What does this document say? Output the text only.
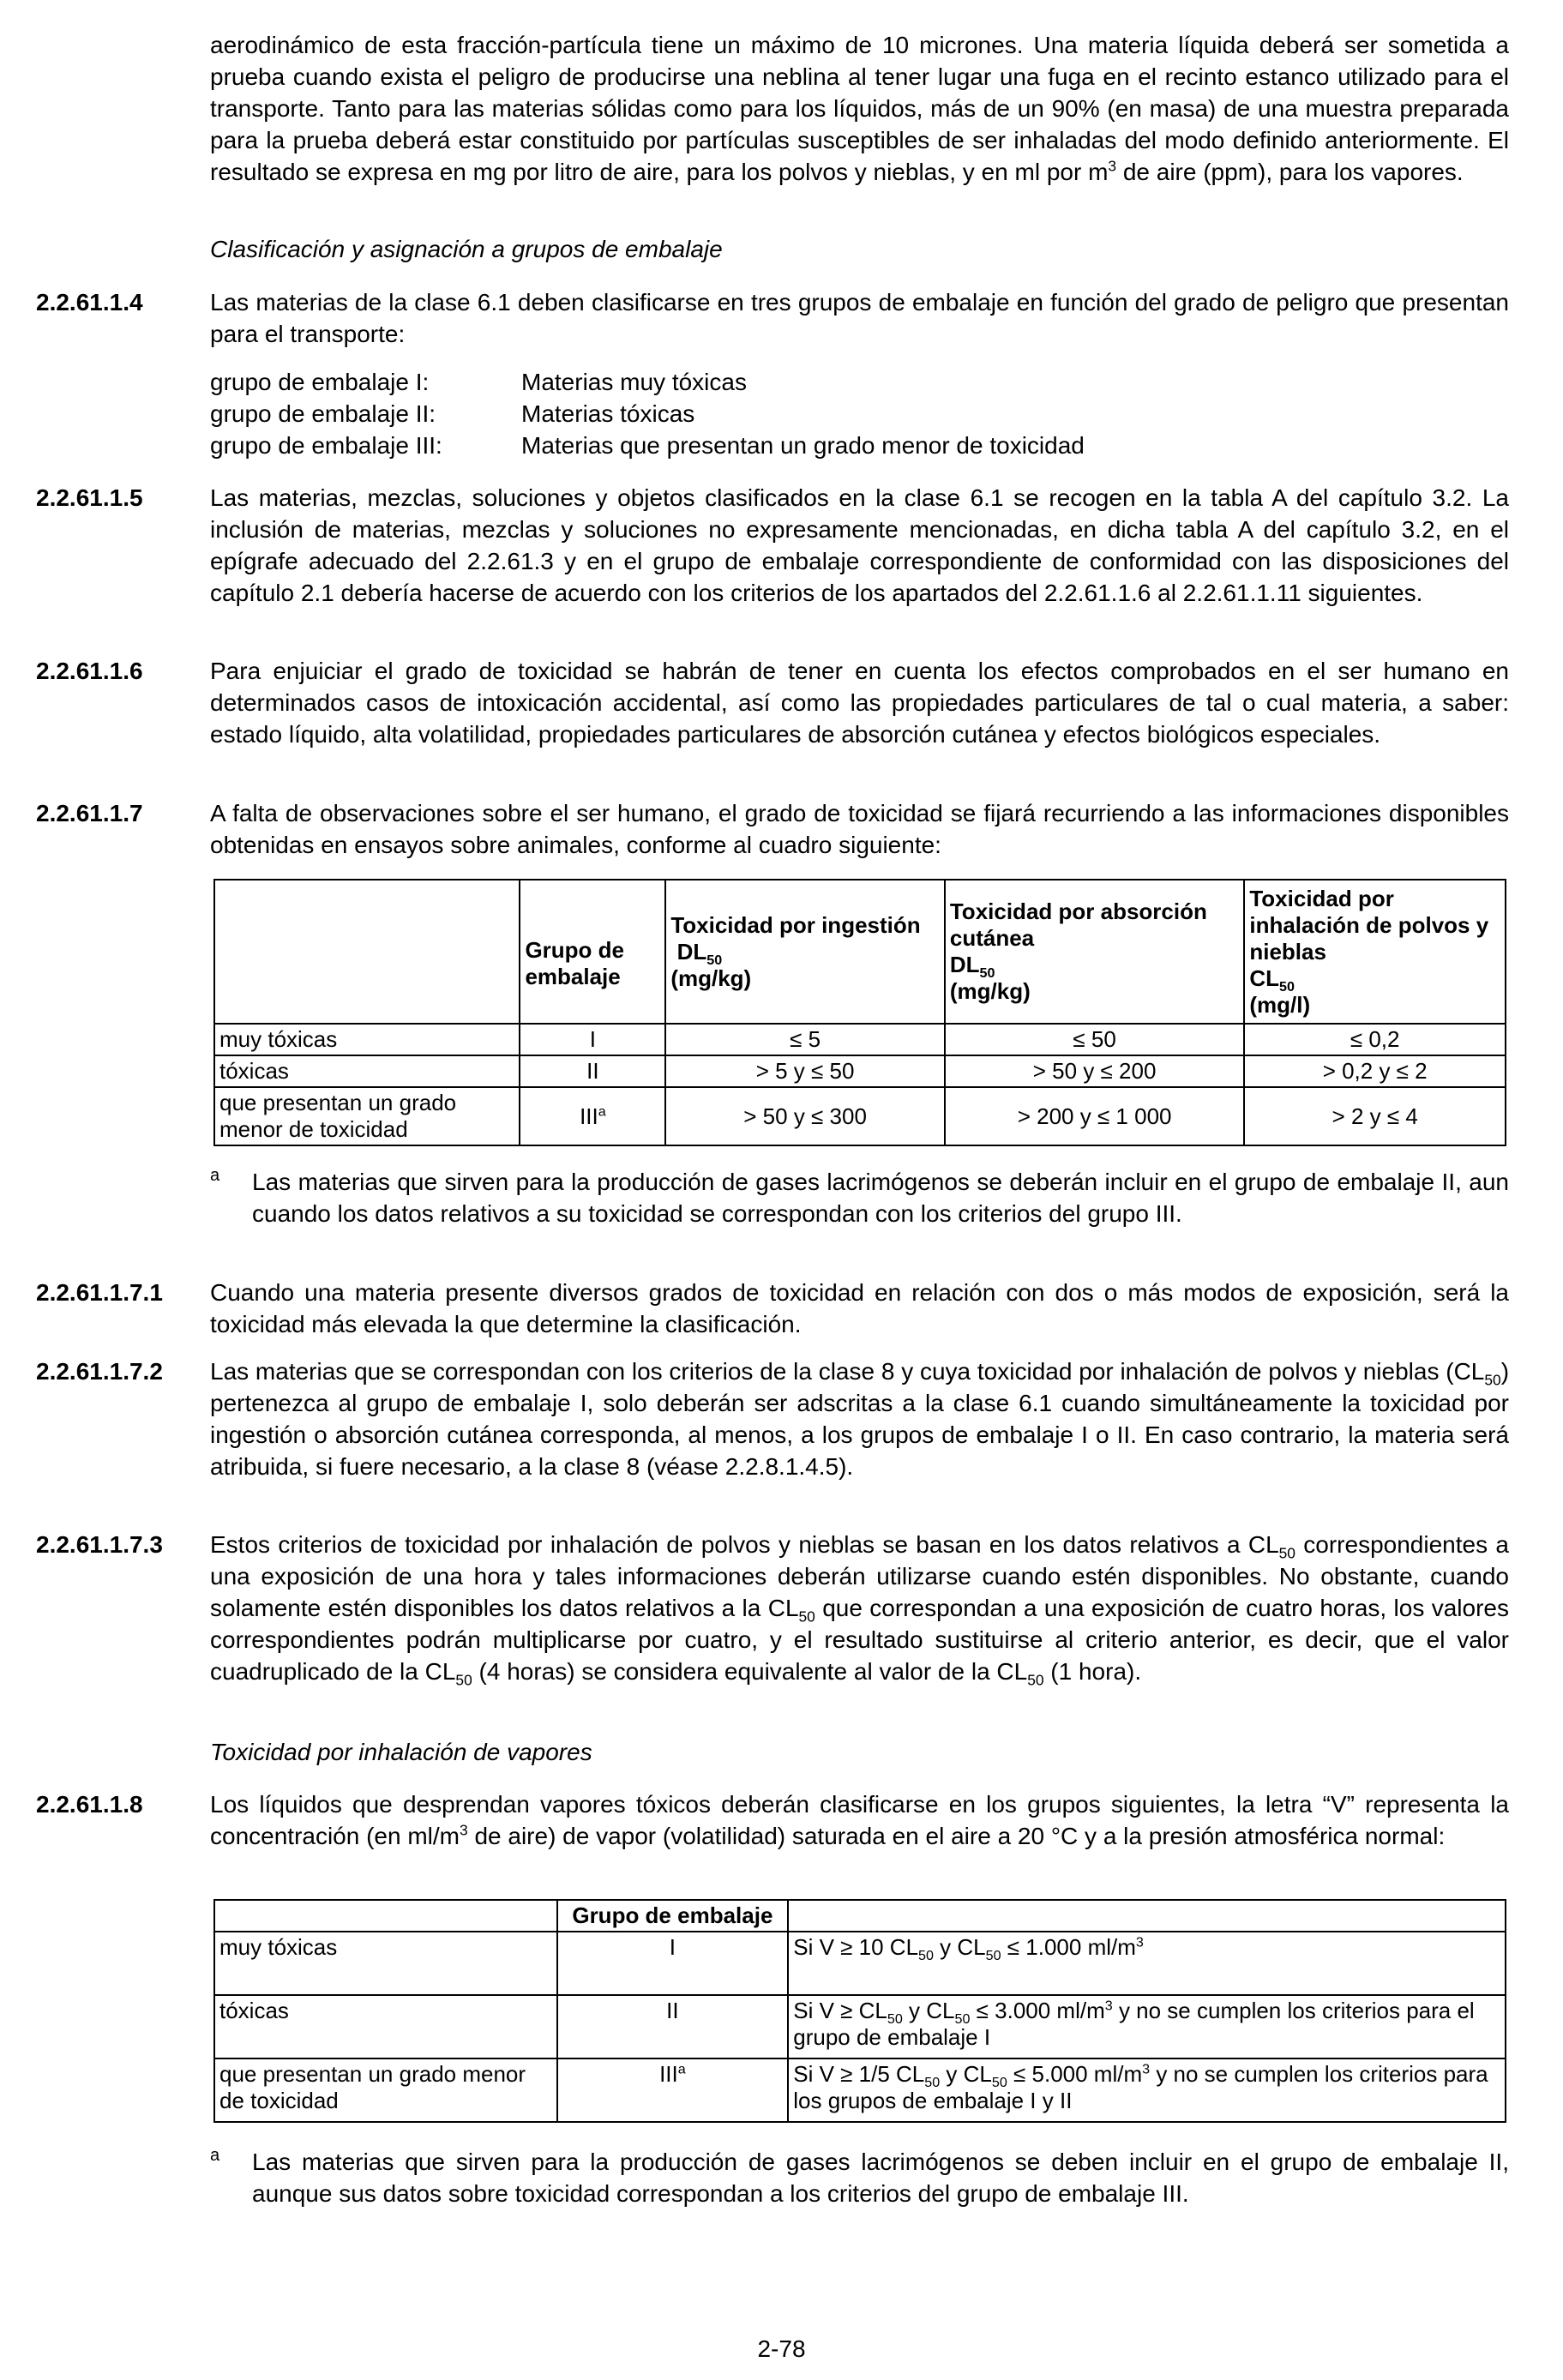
aerodinámico de esta fracción-partícula tiene un máximo de 10 micrones. Una materia líquida deberá ser sometida a prueba cuando exista el peligro de producirse una neblina al tener lugar una fuga en el recinto estanco utilizado para el transporte. Tanto para las materias sólidas como para los líquidos, más de un 90% (en masa) de una muestra preparada para la prueba deberá estar constituido por partículas susceptibles de ser inhaladas del modo definido anteriormente. El resultado se expresa en mg por litro de aire, para los polvos y nieblas, y en ml por $m^3$ de aire (ppm), para los vapores.

Clasificación y asignación a grupos de embalaje

2.2.61.1.4	Las materias de la clase 6.1 deben clasificarse en tres grupos de embalaje en función del grado de peligro que presentan para el transporte:

grupo de embalaje I:	Materias muy tóxicas
grupo de embalaje II:	Materias tóxicas
grupo de embalaje III:	Materias que presentan un grado menor de toxicidad
2.2.61.1.5	Las materias, mezclas, soluciones y objetos clasificados en la clase 6.1 se recogen en la tabla A del capítulo 3.2. La inclusión de materias, mezclas y soluciones no expresamente mencionadas, en dicha tabla A del capítulo 3.2, en el epígrafe adecuado del 2.2.61.3 y en el grupo de embalaje correspondiente de conformidad con las disposiciones del capítulo 2.1 debería hacerse de acuerdo con los criterios de los apartados del 2.2.61.1.6 al 2.2.61.1.11 siguientes.

2.2.61.1.6	Para enjuiciar el grado de toxicidad se habrán de tener en cuenta los efectos comprobados en el ser humano en determinados casos de intoxicación accidental, así como las propiedades particulares de tal o cual materia, a saber: estado líquido, alta volatilidad, propiedades particulares de absorción cutánea y efectos biológicos especiales.

2.2.61.1.7	A falta de observaciones sobre el ser humano, el grado de toxicidad se fijará recurriendo a las informaciones disponibles obtenidas en ensayos sobre animales, conforme al cuadro siguiente:

	Grupo de embalaje	Toxicidad por ingestión
$DL_{50}$
(mg/kg)	Toxicidad por absorción cutánea
$DL_{50}$
(mg/kg)	Toxicidad por inhalación de polvos y nieblas
$CL_{50}$
(mg/l)
muy tóxicas	I	≤ 5	≤ 50	≤ 0,2
tóxicas	II	> 5 y ≤ 50	> 50 y ≤ 200	> 0,2 y ≤ 2
que presentan un grado menor de toxicidad	$III^a$	> 50 y ≤ 300	> 200 y ≤ 1 000	> 2 y ≤ 4
a Las materias que sirven para la producción de gases lacrimógenos se deberán incluir en el grupo de embalaje II, aun cuando los datos relativos a su toxicidad se correspondan con los criterios del grupo III.

2.2.61.1.7.1 Cuando una materia presente diversos grados de toxicidad en relación con dos o más modos de exposición, será la toxicidad más elevada la que determine la clasificación.

2.2.61.1.7.2 Las materias que se correspondan con los criterios de la clase 8 y cuya toxicidad por inhalación de polvos y nieblas $(CL_{50})$ pertenezca al grupo de embalaje I, solo deberán ser adscritas a la clase 6.1 cuando simultáneamente la toxicidad por ingestión o absorción cutánea corresponda, al menos, a los grupos de embalaje I o II. En caso contrario, la materia será atribuida, si fuere necesario, a la clase 8 (véase 2.2.8.1.4.5).

2.2.61.1.7.3 Estos criterios de toxicidad por inhalación de polvos y nieblas se basan en los datos relativos a $CL_{50}$ correspondientes a una exposición de una hora y tales informaciones deberán utilizarse cuando estén disponibles. No obstante, cuando solamente estén disponibles los datos relativos a la $CL_{50}$ que correspondan a una exposición de cuatro horas, los valores correspondientes podrán multiplicarse por cuatro, y el resultado sustituirse al criterio anterior, es decir, que el valor cuadruplicado de la $CL_{50}$ (4 horas) se considera equivalente al valor de la $CL_{50}$ (1 hora).

Toxicidad por inhalación de vapores

2.2.61.1.8	Los líquidos que desprendan vapores tóxicos deberán clasificarse en los grupos siguientes, la letra “V” representa la concentración (en $ml/m^3$ de aire) de vapor (volatilidad) saturada en el aire a 20 °C y a la presión atmosférica normal:

	Grupo de embalaje	
muy tóxicas	I	Si V ≥ 10 $CL_{50}$ y $CL_{50} \le 1.000$ $ml/m^3$
tóxicas	II	Si $V \ge CL_{50}$ y $CL_{50} \le 3.000$ $ml/m^3$ y no se cumplen los criterios para el grupo de embalaje I
que presentan un grado menor de toxicidad	III$^a$	Si V ≥ 1/5 $CL_{50}$ y $CL_{50} \le 5.000$ $ml/m^3$ y no se cumplen los criterios para los grupos de embalaje I y II
a Las materias que sirven para la producción de gases lacrimógenos se deben incluir en el grupo de embalaje II, aunque sus datos sobre toxicidad correspondan a los criterios del grupo de embalaje III.

2-78
